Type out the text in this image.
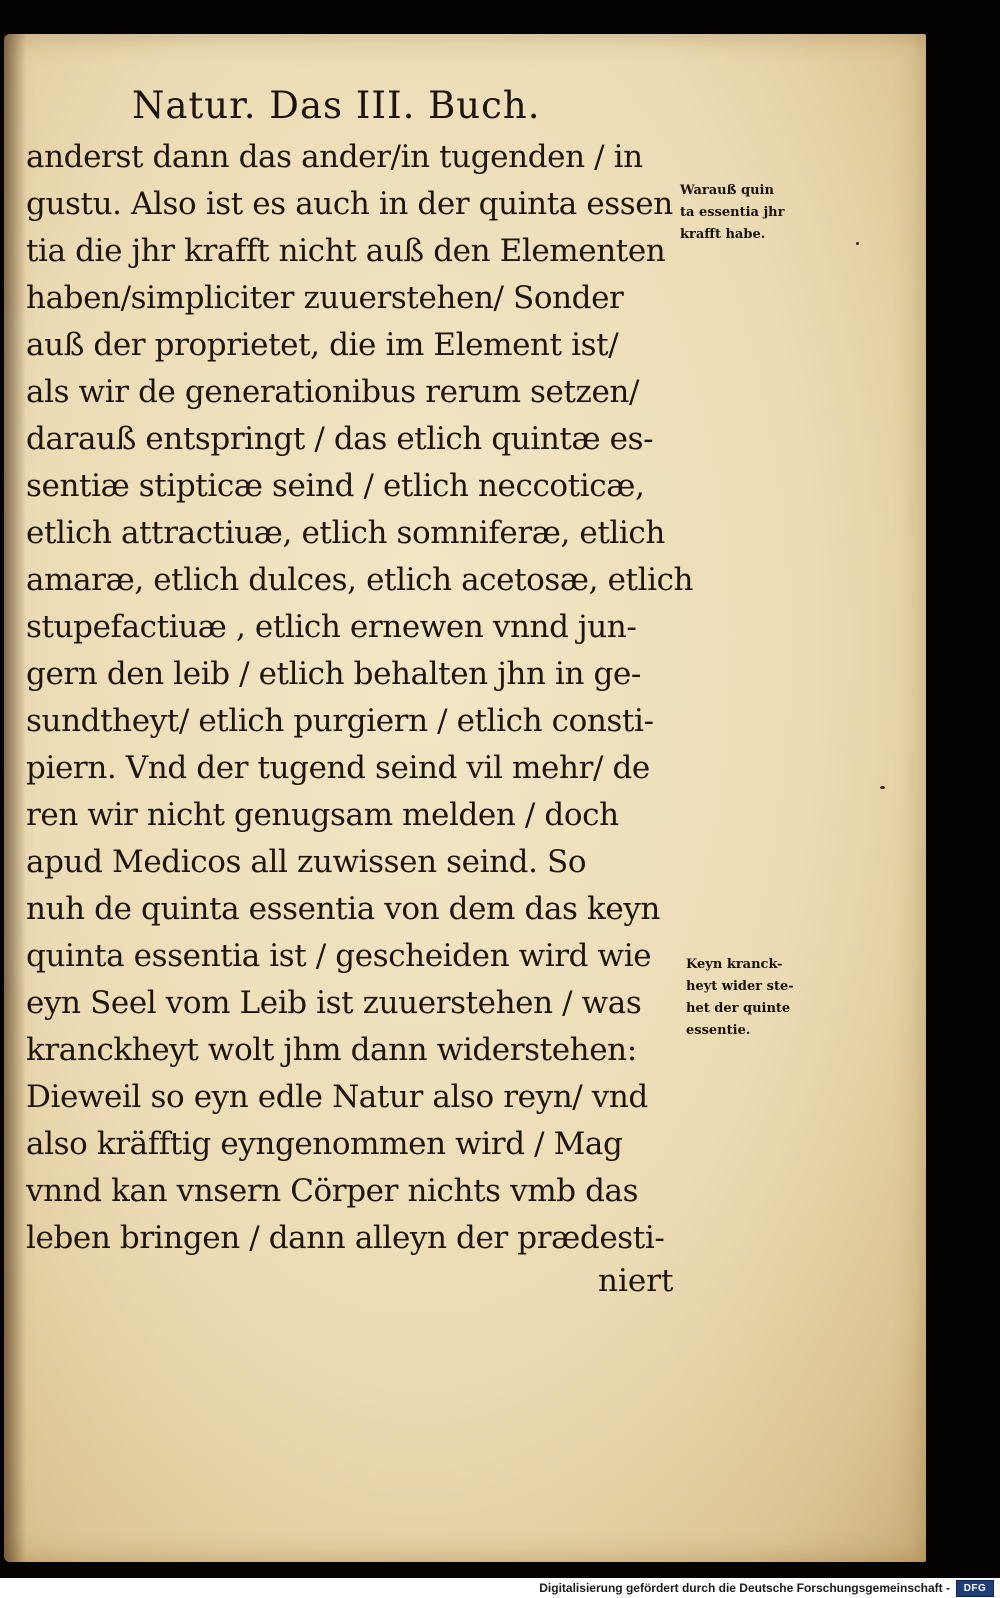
Natur. Das III. Buch.
anderst dann das ander/in tugenden / in
gustu. Also ist es auch in der quinta essen
tia die jhr krafft nicht auß den Elementen
haben/simpliciter zuuerstehen/ Sonder
auß der proprietet, die im Element ist/
als wir de generationibus rerum setzen/
darauß entspringt / das etlich quintæ es-
sentiæ stipticæ seind / etlich neccoticæ,
etlich attractiuæ, etlich somniferæ, etlich
amaræ, etlich dulces, etlich acetosæ, etlich
stupefactiuæ , etlich ernewen vnnd jun-
gern den leib / etlich behalten jhn in ge-
sundtheyt/ etlich purgiern / etlich consti-
piern. Vnd der tugend seind vil mehr/ de
ren wir nicht genugsam melden / doch
apud Medicos all zuwissen seind. So
nuh de quinta essentia von dem das keyn
quinta essentia ist / gescheiden wird wie
eyn Seel vom Leib ist zuuerstehen / was
kranckheyt wolt jhm dann widerstehen:
Dieweil so eyn edle Natur also reyn/ vnd
also kräfftig eyngenommen wird / Mag
vnnd kan vnsern Cörper nichts vmb das
leben bringen / dann alleyn der prædesti-
niert
Warauß quin
ta essentia jhr
krafft habe.
Keyn kranck-
heyt wider ste-
het der quinte
essentie.
Digitalisierung gefördert durch die Deutsche Forschungsgemeinschaft -	DFG
